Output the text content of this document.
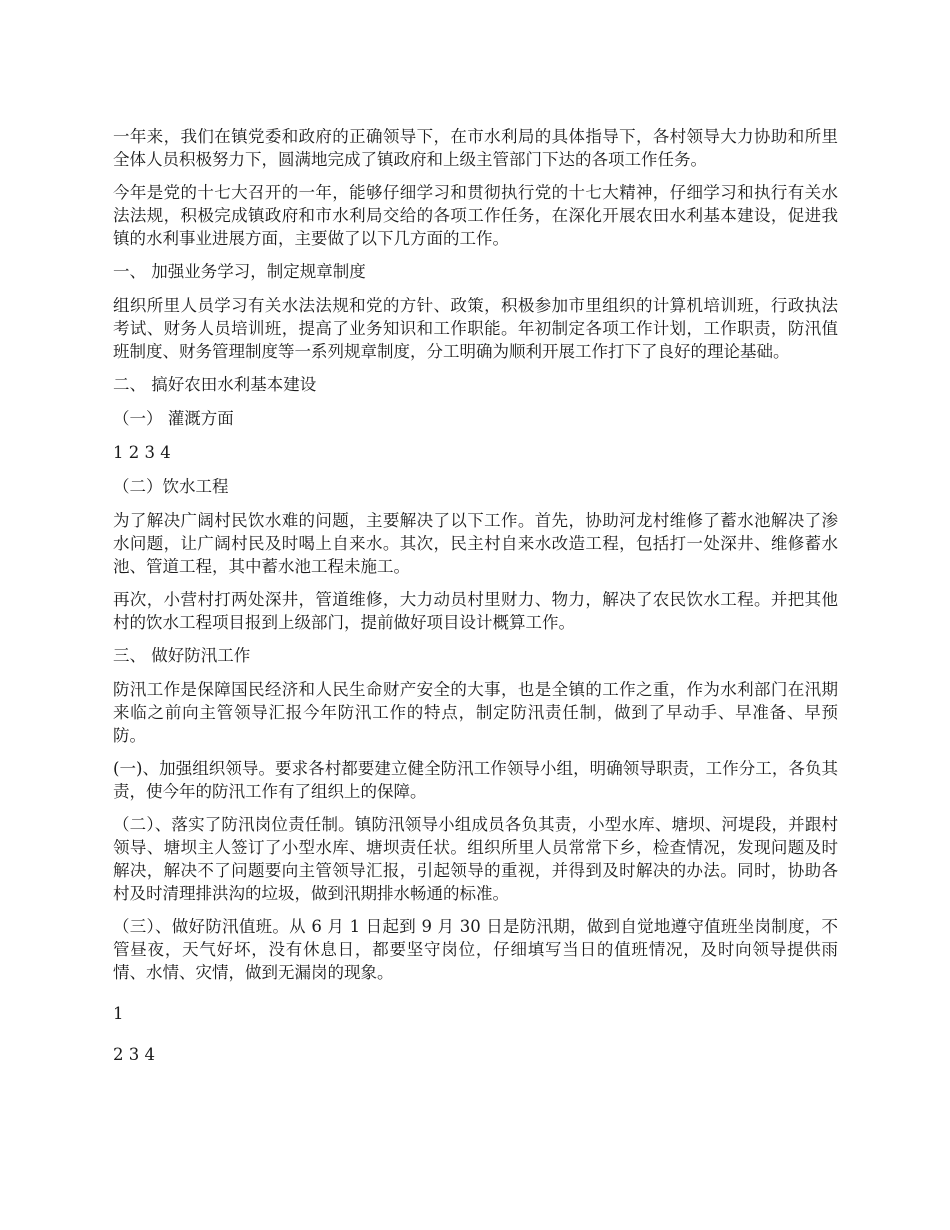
一年来，我们在镇党委和政府的正确领导下，在市水利局的具体指导下，各村领导大力协助和所里全体人员积极努力下，圆满地完成了镇政府和上级主管部门下达的各项工作任务。

今年是党的十七大召开的一年，能够仔细学习和贯彻执行党的十七大精神，仔细学习和执行有关水法法规，积极完成镇政府和市水利局交给的各项工作任务，在深化开展农田水利基本建设，促进我镇的水利事业进展方面，主要做了以下几方面的工作。

一、 加强业务学习，制定规章制度

组织所里人员学习有关水法法规和党的方针、政策，积极参加市里组织的计算机培训班，行政执法考试、财务人员培训班，提高了业务知识和工作职能。年初制定各项工作计划，工作职责，防汛值班制度、财务管理制度等一系列规章制度，分工明确为顺利开展工作打下了良好的理论基础。

二、 搞好农田水利基本建设

（一） 灌溉方面

1 2 3 4

（二）饮水工程

为了解决广阔村民饮水难的问题，主要解决了以下工作。首先，协助河龙村维修了蓄水池解决了渗水问题，让广阔村民及时喝上自来水。其次，民主村自来水改造工程，包括打一处深井、维修蓄水池、管道工程，其中蓄水池工程未施工。

再次，小营村打两处深井，管道维修，大力动员村里财力、物力，解决了农民饮水工程。并把其他村的饮水工程项目报到上级部门，提前做好项目设计概算工作。

三、 做好防汛工作

防汛工作是保障国民经济和人民生命财产安全的大事，也是全镇的工作之重，作为水利部门在汛期来临之前向主管领导汇报今年防汛工作的特点，制定防汛责任制，做到了早动手、早准备、早预防。

(一)、加强组织领导。要求各村都要建立健全防汛工作领导小组，明确领导职责，工作分工，各负其责，使今年的防汛工作有了组织上的保障。

（二）、落实了防汛岗位责任制。镇防汛领导小组成员各负其责，小型水库、塘坝、河堤段，并跟村领导、塘坝主人签订了小型水库、塘坝责任状。组织所里人员常常下乡，检查情况，发现问题及时解决，解决不了问题要向主管领导汇报，引起领导的重视，并得到及时解决的办法。同时，协助各村及时清理排洪沟的垃圾，做到汛期排水畅通的标准。

（三）、做好防汛值班。从 6 月 1 日起到 9 月 30 日是防汛期，做到自觉地遵守值班坐岗制度，不管昼夜，天气好坏，没有休息日，都要坚守岗位，仔细填写当日的值班情况，及时向领导提供雨情、水情、灾情，做到无漏岗的现象。

1

2 3 4
